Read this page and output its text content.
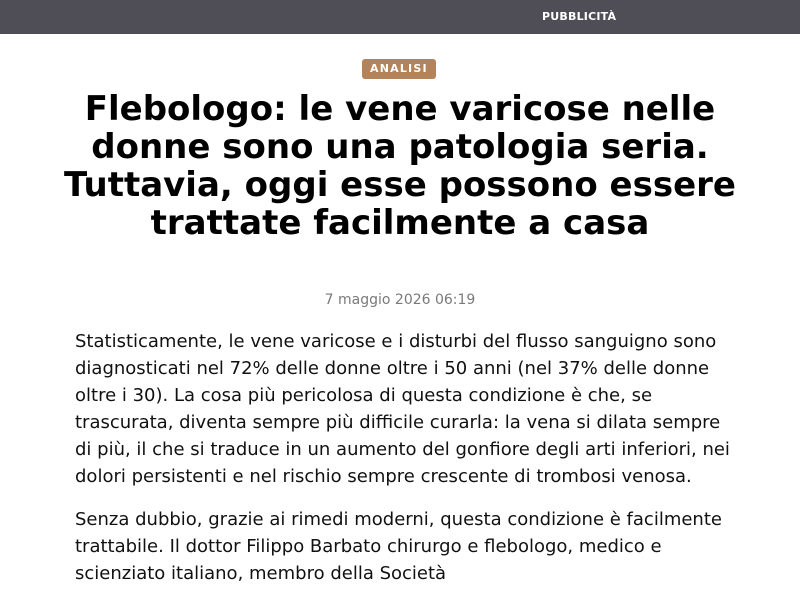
PUBBLICITÀ
ANALISI
Flebologo: le vene varicose nelle donne sono una patologia seria. Tuttavia, oggi esse possono essere trattate facilmente a casa
7 maggio 2026 06:19

Statisticamente, le vene varicose e i disturbi del flusso sanguigno sono diagnosticati nel 72% delle donne oltre i 50 anni (nel 37% delle donne oltre i 30). La cosa più pericolosa di questa condizione è che, se trascurata, diventa sempre più difficile curarla: la vena si dilata sempre di più, il che si traduce in un aumento del gonfiore degli arti inferiori, nei dolori persistenti e nel rischio sempre crescente di trombosi venosa.

Senza dubbio, grazie ai rimedi moderni, questa condizione è facilmente trattabile. Il dottor Filippo Barbato chirurgo e flebologo, medico e scienziato italiano, membro della Società
